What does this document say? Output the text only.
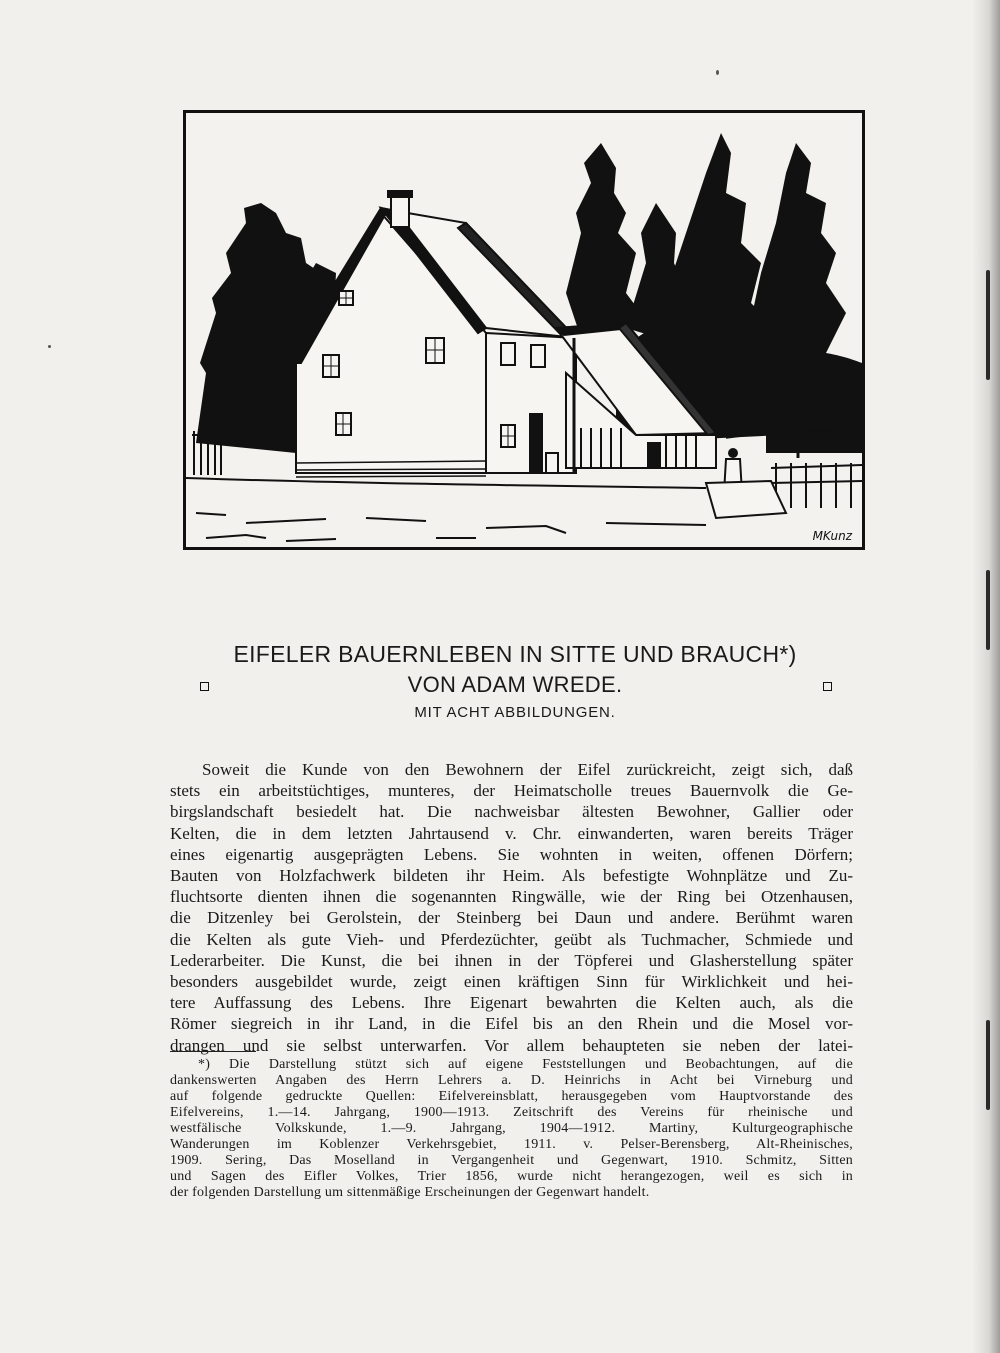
MKunz
EIFELER BAUERNLEBEN IN SITTE UND BRAUCH*)
VON ADAM WREDE.

MIT ACHT ABBILDUNGEN.

Soweit die Kunde von den Bewohnern der Eifel zurückreicht, zeigt sich, daß
stets ein arbeitstüchtiges, munteres, der Heimatscholle treues Bauernvolk die Ge-
birgslandschaft besiedelt hat. Die nachweisbar ältesten Bewohner, Gallier oder
Kelten, die in dem letzten Jahrtausend v. Chr. einwanderten, waren bereits Träger
eines eigenartig ausgeprägten Lebens. Sie wohnten in weiten, offenen Dörfern;
Bauten von Holzfachwerk bildeten ihr Heim. Als befestigte Wohnplätze und Zu-
fluchtsorte dienten ihnen die sogenannten Ringwälle, wie der Ring bei Otzenhausen,
die Ditzenley bei Gerolstein, der Steinberg bei Daun und andere. Berühmt waren
die Kelten als gute Vieh- und Pferdezüchter, geübt als Tuchmacher, Schmiede und
Lederarbeiter. Die Kunst, die bei ihnen in der Töpferei und Glasherstellung später
besonders ausgebildet wurde, zeigt einen kräftigen Sinn für Wirklichkeit und hei-
tere Auffassung des Lebens. Ihre Eigenart bewahrten die Kelten auch, als die
Römer siegreich in ihr Land, in die Eifel bis an den Rhein und die Mosel vor-
drangen und sie selbst unterwarfen. Vor allem behaupteten sie neben der latei-
*) Die Darstellung stützt sich auf eigene Feststellungen und Beobachtungen, auf die
dankenswerten Angaben des Herrn Lehrers a. D. Heinrichs in Acht bei Virneburg und
auf folgende gedruckte Quellen: Eifelvereinsblatt, herausgegeben vom Hauptvorstande des
Eifelvereins, 1.—14. Jahrgang, 1900—1913. Zeitschrift des Vereins für rheinische und
westfälische Volkskunde, 1.—9. Jahrgang, 1904—1912. Martiny, Kulturgeographische
Wanderungen im Koblenzer Verkehrsgebiet, 1911. v. Pelser-Berensberg, Alt-Rheinisches,
1909. Sering, Das Moselland in Vergangenheit und Gegenwart, 1910. Schmitz, Sitten
und Sagen des Eifler Volkes, Trier 1856, wurde nicht herangezogen, weil es sich in
der folgenden Darstellung um sittenmäßige Erscheinungen der Gegenwart handelt.
